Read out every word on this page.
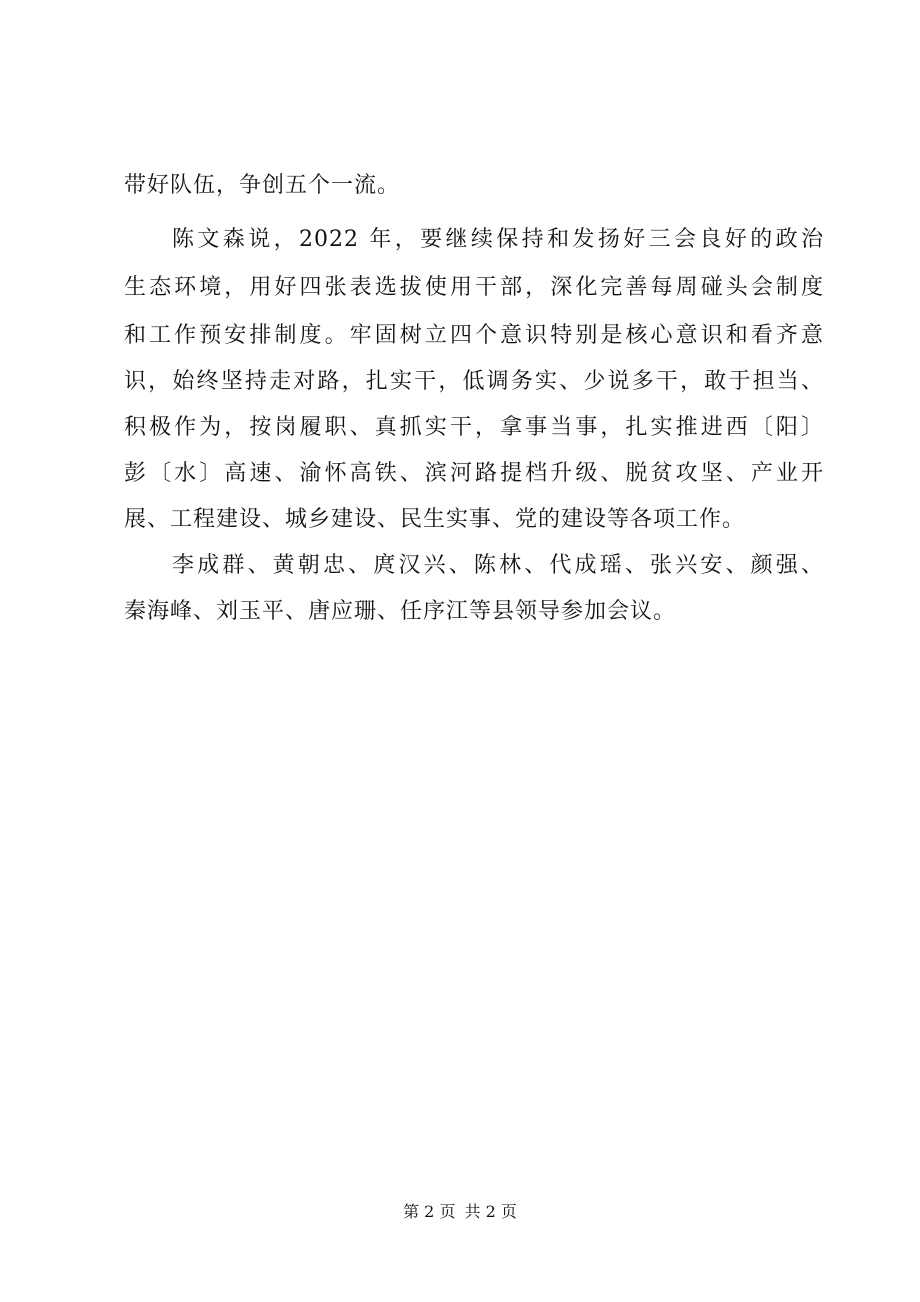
带好队伍，争创五个一流。
陈文森说，2022 年，要继续保持和发扬好三会良好的政治
生态环境，用好四张表选拔使用干部，深化完善每周碰头会制度
和工作预安排制度。牢固树立四个意识特别是核心意识和看齐意
识，始终坚持走对路，扎实干，低调务实、少说多干，敢于担当、
积极作为，按岗履职、真抓实干，拿事当事，扎实推进西〔阳〕
彭〔水〕高速、渝怀高铁、滨河路提档升级、脱贫攻坚、产业开
展、工程建设、城乡建设、民生实事、党的建设等各项工作。
李成群、黄朝忠、庹汉兴、陈林、代成瑶、张兴安、颜强、
秦海峰、刘玉平、唐应珊、任序江等县领导参加会议。
第 2 页 共 2 页
